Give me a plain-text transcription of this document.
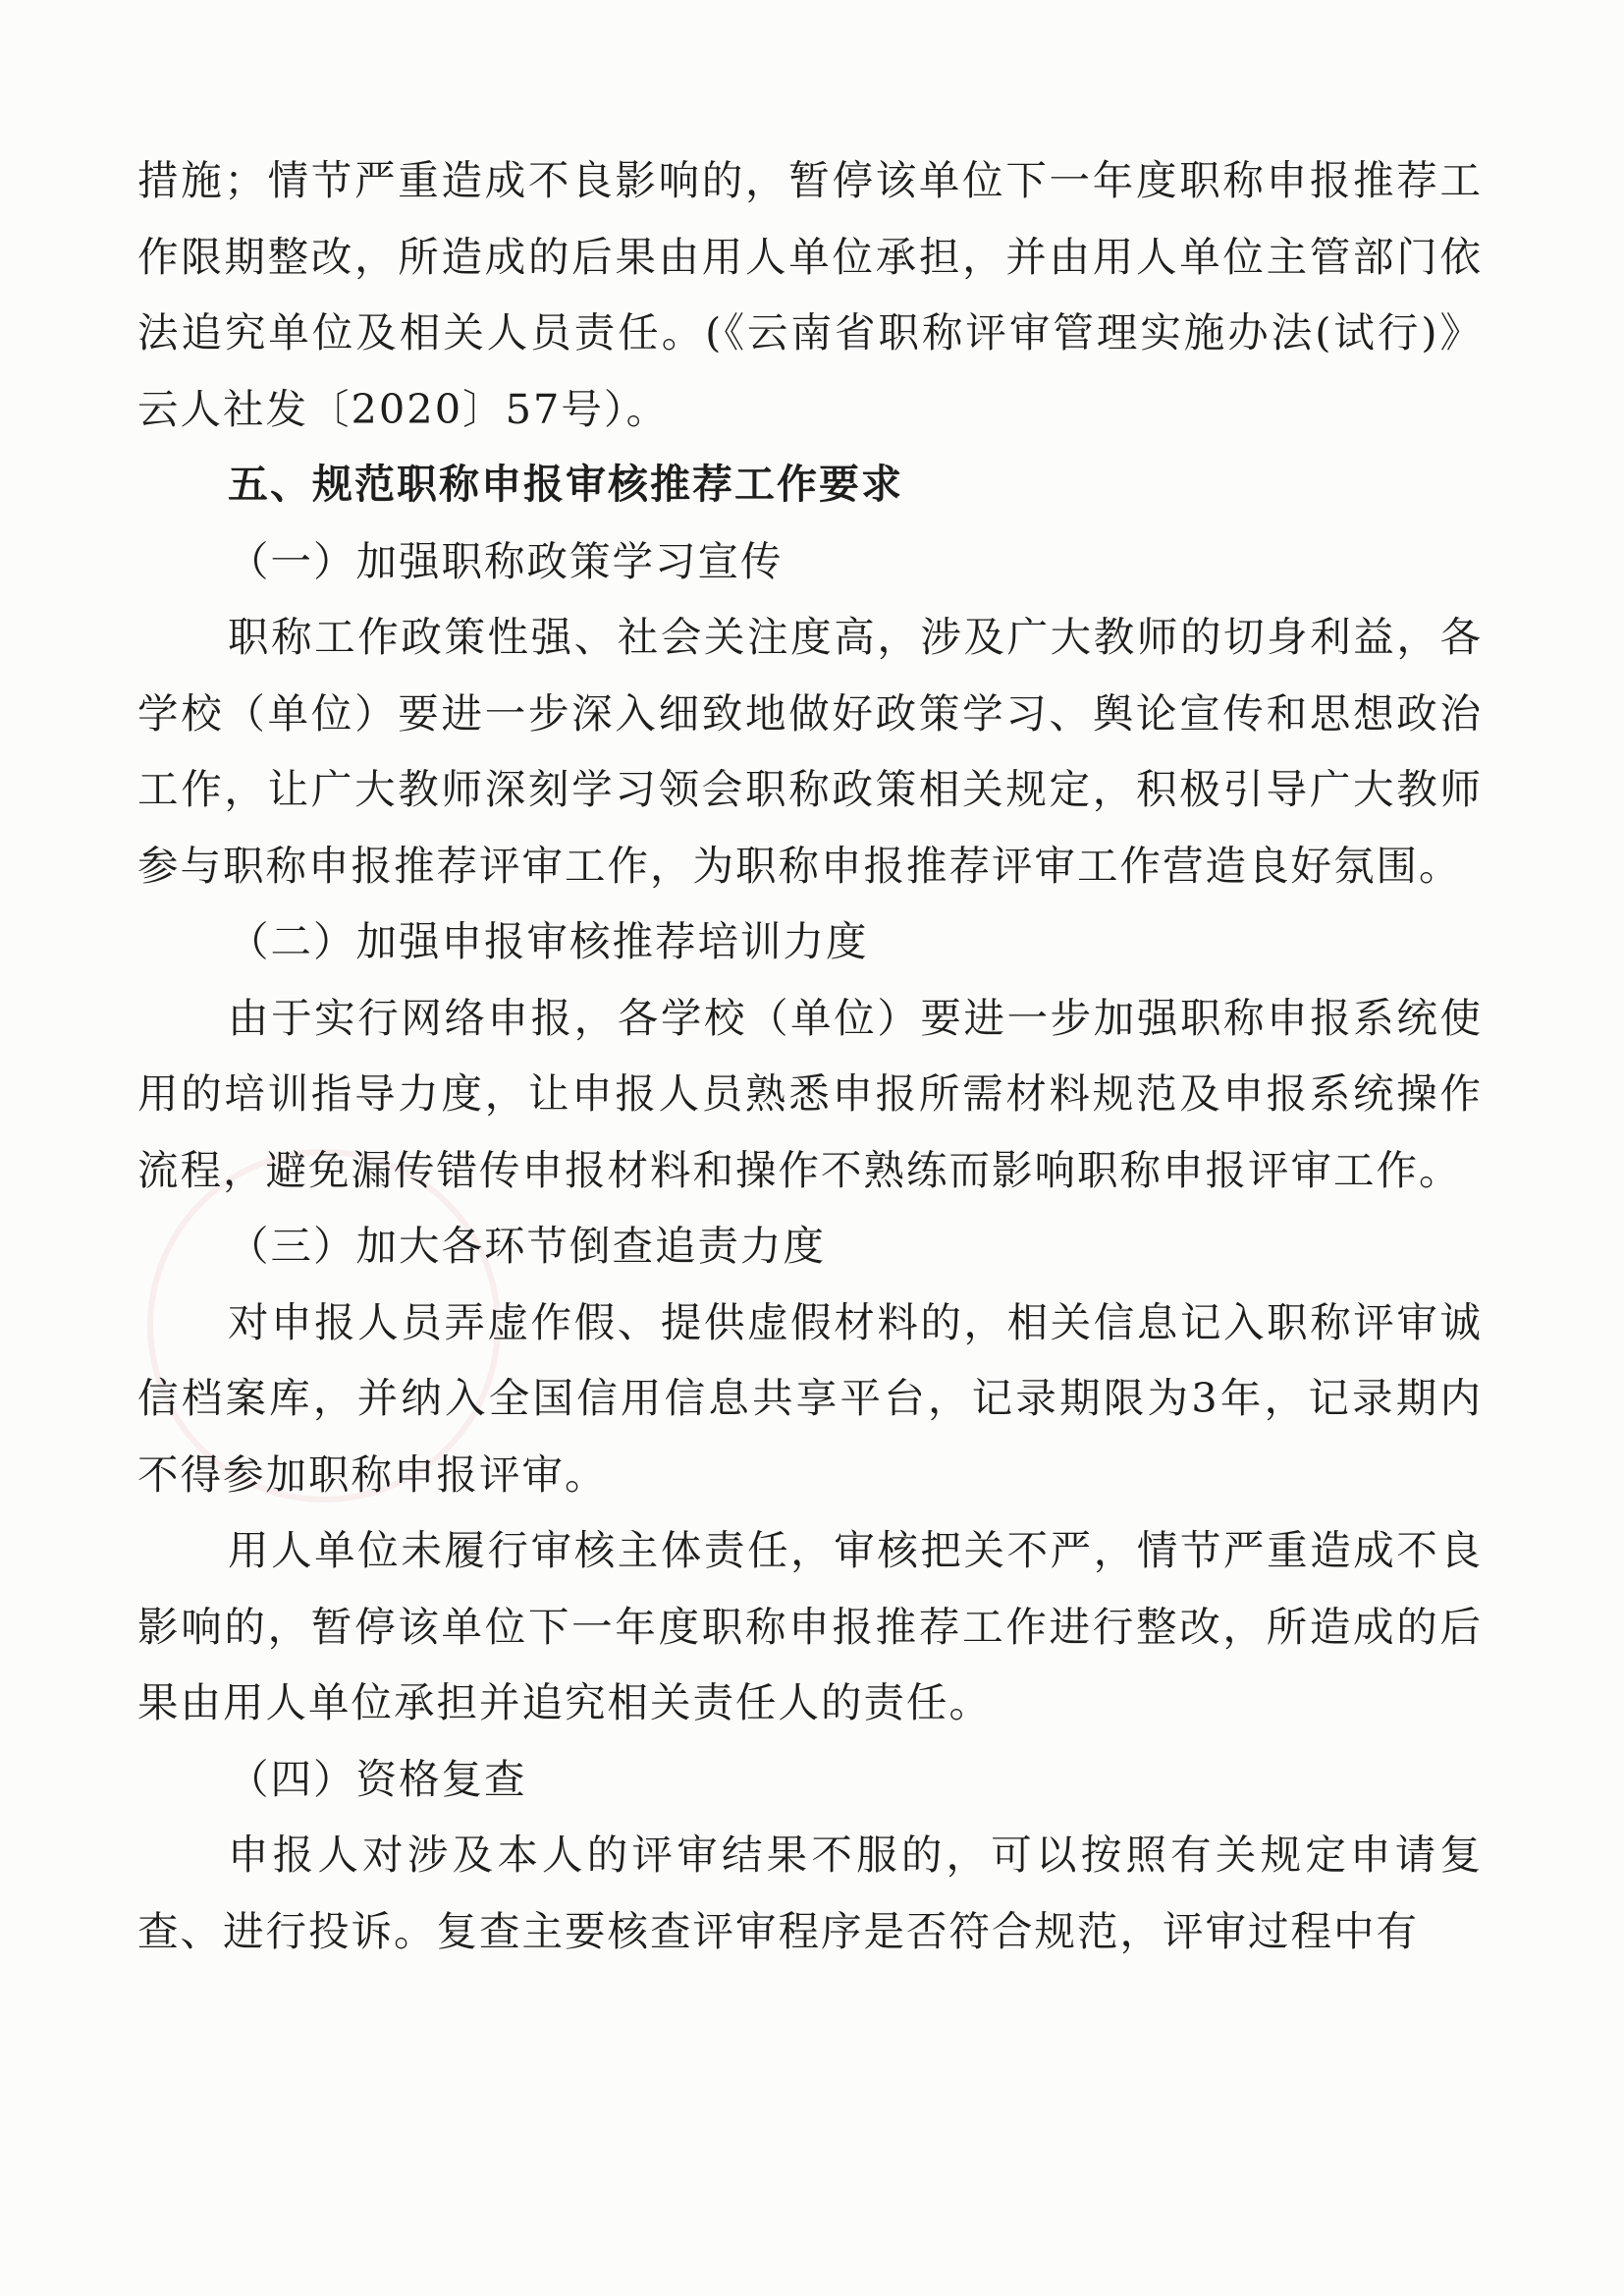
措施；情节严重造成不良影响的，暂停该单位下一年度职称申报推荐工作限期整改，所造成的后果由用人单位承担，并由用人单位主管部门依法追究单位及相关人员责任。(《云南省职称评审管理实施办法(试行)》云人社发〔2020〕57号）。

五、规范职称申报审核推荐工作要求

（一）加强职称政策学习宣传

职称工作政策性强、社会关注度高，涉及广大教师的切身利益，各学校（单位）要进一步深入细致地做好政策学习、舆论宣传和思想政治工作，让广大教师深刻学习领会职称政策相关规定，积极引导广大教师参与职称申报推荐评审工作，为职称申报推荐评审工作营造良好氛围。

（二）加强申报审核推荐培训力度

由于实行网络申报，各学校（单位）要进一步加强职称申报系统使用的培训指导力度，让申报人员熟悉申报所需材料规范及申报系统操作流程，避免漏传错传申报材料和操作不熟练而影响职称申报评审工作。

（三）加大各环节倒查追责力度

对申报人员弄虚作假、提供虚假材料的，相关信息记入职称评审诚信档案库，并纳入全国信用信息共享平台，记录期限为3年，记录期内不得参加职称申报评审。

用人单位未履行审核主体责任，审核把关不严，情节严重造成不良影响的，暂停该单位下一年度职称申报推荐工作进行整改，所造成的后果由用人单位承担并追究相关责任人的责任。

（四）资格复查

申报人对涉及本人的评审结果不服的，可以按照有关规定申请复查、进行投诉。复查主要核查评审程序是否符合规范，评审过程中有
